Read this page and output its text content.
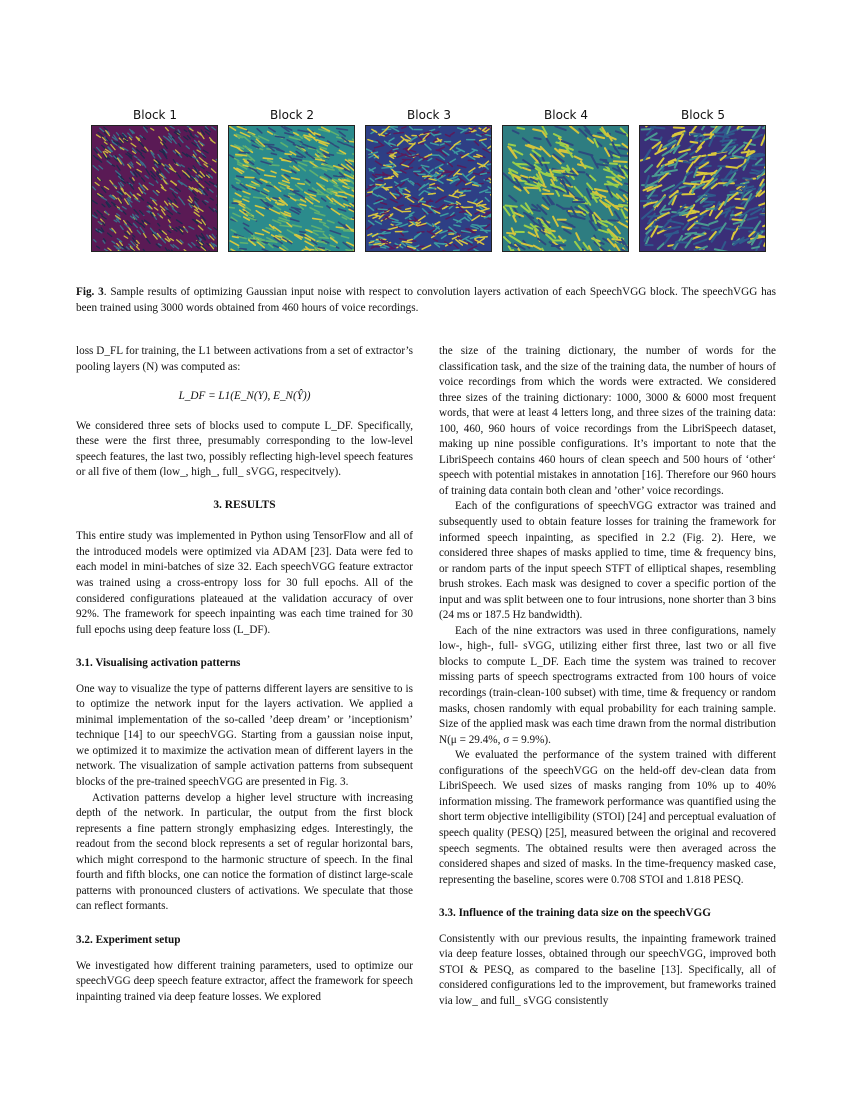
Block 1	Block 2	Block 3	Block 4	Block 5
Fig. 3. Sample results of optimizing Gaussian input noise with respect to convolution layers activation of each SpeechVGG block. The speechVGG has been trained using 3000 words obtained from 460 hours of voice recordings.

loss D_FL for training, the L1 between activations from a set of extractor’s pooling layers (N) was computed as:

L_DF = L1(E_N(Y), E_N(Ŷ))

We considered three sets of blocks used to compute L_DF. Specifically, these were the first three, presumably corresponding to the low-level speech features, the last two, possibly reflecting high-level speech features or all five of them (low_, high_, full_ sVGG, respecitvely).

3. RESULTS

This entire study was implemented in Python using TensorFlow and all of the introduced models were optimized via ADAM [23]. Data were fed to each model in mini-batches of size 32. Each speechVGG feature extractor was trained using a cross-entropy loss for 30 full epochs. All of the considered configurations plateaued at the validation accuracy of over 92%. The framework for speech inpainting was each time trained for 30 full epochs using deep feature loss (L_DF).

3.1. Visualising activation patterns

One way to visualize the type of patterns different layers are sensitive to is to optimize the network input for the layers activation. We applied a minimal implementation of the so-called ’deep dream’ or ’inceptionism’ technique [14] to our speechVGG. Starting from a gaussian noise input, we optimized it to maximize the activation mean of different layers in the network. The visualization of sample activation patterns from subsequent blocks of the pre-trained speechVGG are presented in Fig. 3.

Activation patterns develop a higher level structure with increasing depth of the network. In particular, the output from the first block represents a fine pattern strongly emphasizing edges. Interestingly, the readout from the second block represents a set of regular horizontal bars, which might correspond to the harmonic structure of speech. In the final fourth and fifth blocks, one can notice the formation of distinct large-scale patterns with pronounced clusters of activations. We speculate that those can reflect formants.

3.2. Experiment setup

We investigated how different training parameters, used to optimize our speechVGG deep speech feature extractor, affect the framework for speech inpainting trained via deep feature losses. We explored

the size of the training dictionary, the number of words for the classification task, and the size of the training data, the number of hours of voice recordings from which the words were extracted. We considered three sizes of the training dictionary: 1000, 3000 & 6000 most frequent words, that were at least 4 letters long, and three sizes of the training data: 100, 460, 960 hours of voice recordings from the LibriSpeech dataset, making up nine possible configurations. It’s important to note that the LibriSpeech contains 460 hours of clean speech and 500 hours of ‘other‘ speech with potential mistakes in annotation [16]. Therefore our 960 hours of training data contain both clean and ’other’ voice recordings.

Each of the configurations of speechVGG extractor was trained and subsequently used to obtain feature losses for training the framework for informed speech inpainting, as specified in 2.2 (Fig. 2). Here, we considered three shapes of masks applied to time, time & frequency bins, or random parts of the input speech STFT of elliptical shapes, resembling brush strokes. Each mask was designed to cover a specific portion of the input and was split between one to four intrusions, none shorter than 3 bins (24 ms or 187.5 Hz bandwidth).

Each of the nine extractors was used in three configurations, namely low-, high-, full- sVGG, utilizing either first three, last two or all five blocks to compute L_DF. Each time the system was trained to recover missing parts of speech spectrograms extracted from 100 hours of voice recordings (train-clean-100 subset) with time, time & frequency or random masks, chosen randomly with equal probability for each training sample. Size of the applied mask was each time drawn from the normal distribution N(μ = 29.4%, σ = 9.9%).

We evaluated the performance of the system trained with different configurations of the speechVGG on the held-off dev-clean data from LibriSpeech. We used sizes of masks ranging from 10% up to 40% information missing. The framework performance was quantified using the short term objective intelligibility (STOI) [24] and perceptual evaluation of speech quality (PESQ) [25], measured between the original and recovered speech segments. The obtained results were then averaged across the considered shapes and sized of masks. In the time-frequency masked case, representing the baseline, scores were 0.708 STOI and 1.818 PESQ.

3.3. Influence of the training data size on the speechVGG

Consistently with our previous results, the inpainting framework trained via deep feature losses, obtained through our speechVGG, improved both STOI & PESQ, as compared to the baseline [13]. Specifically, all of considered configurations led to the improvement, but frameworks trained via low_ and full_ sVGG consistently
